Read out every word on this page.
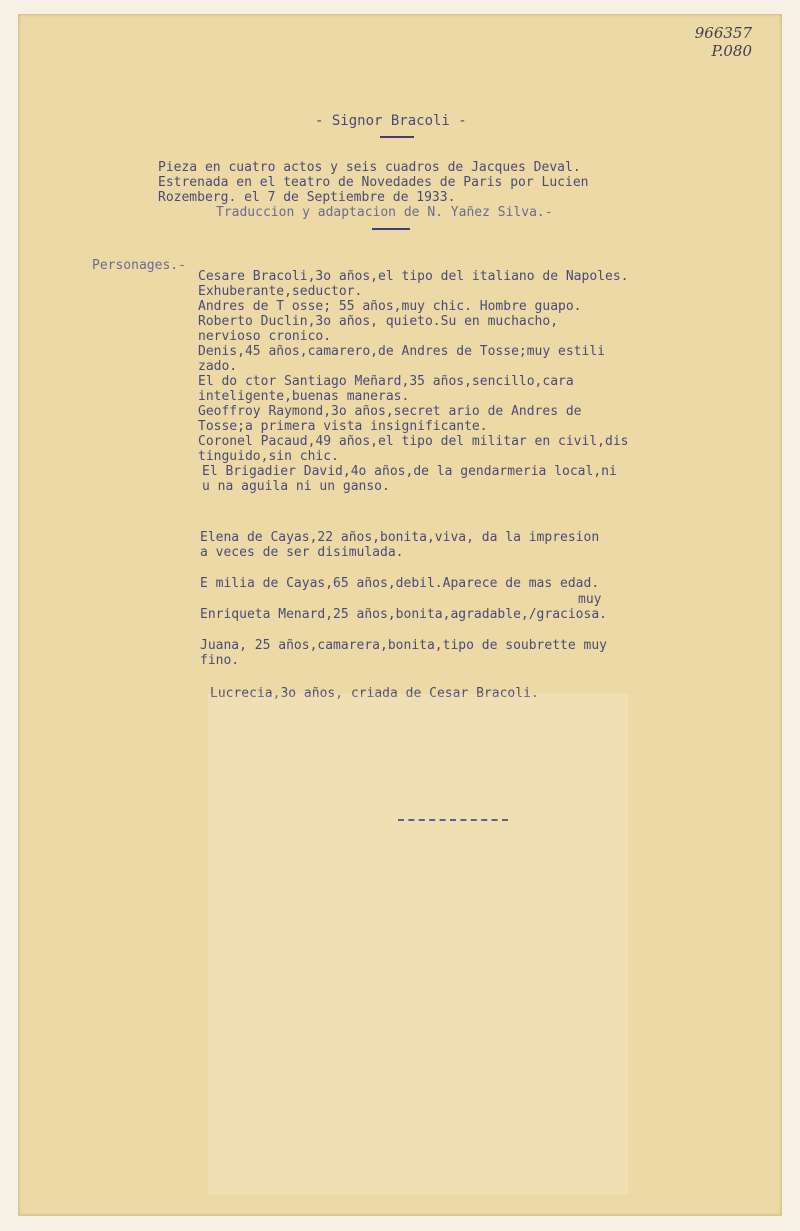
966357
P.080
- Signor Bracoli -
Pieza en cuatro actos y seis cuadros de Jacques Deval.
Estrenada en el teatro de Novedades de Paris por Lucien
Rozemberg. el 7 de Septiembre de 1933.
Traduccion y adaptacion de N. Yañez Silva.-
Personages.-
Cesare Bracoli,3o años,el tipo del italiano de Napoles.
Exhuberante,seductor.
Andres de T osse; 55 años,muy chic. Hombre guapo.
Roberto Duclin,3o años, quieto.Su en muchacho,
nervioso cronico.
Denis,45 años,camarero,de Andres de Tosse;muy estili
zado.
El do ctor Santiago Meñard,35 años,sencillo,cara
inteligente,buenas maneras.
Geoffroy Raymond,3o años,secret ario de Andres de
Tosse;a primera vista insignificante.
Coronel Pacaud,49 años,el tipo del militar en civil,dis
tinguido,sin chic.
El Brigadier David,4o años,de la gendarmeria local,ni
u na aguila ni un ganso.
Elena de Cayas,22 años,bonita,viva, da la impresion
a veces de ser disimulada.
E milia de Cayas,65 años,debil.Aparece de mas edad.
muy
Enriqueta Menard,25 años,bonita,agradable,/graciosa.
Juana, 25 años,camarera,bonita,tipo de soubrette muy
fino.
Lucrecia,3o años, criada de Cesar Bracoli.
